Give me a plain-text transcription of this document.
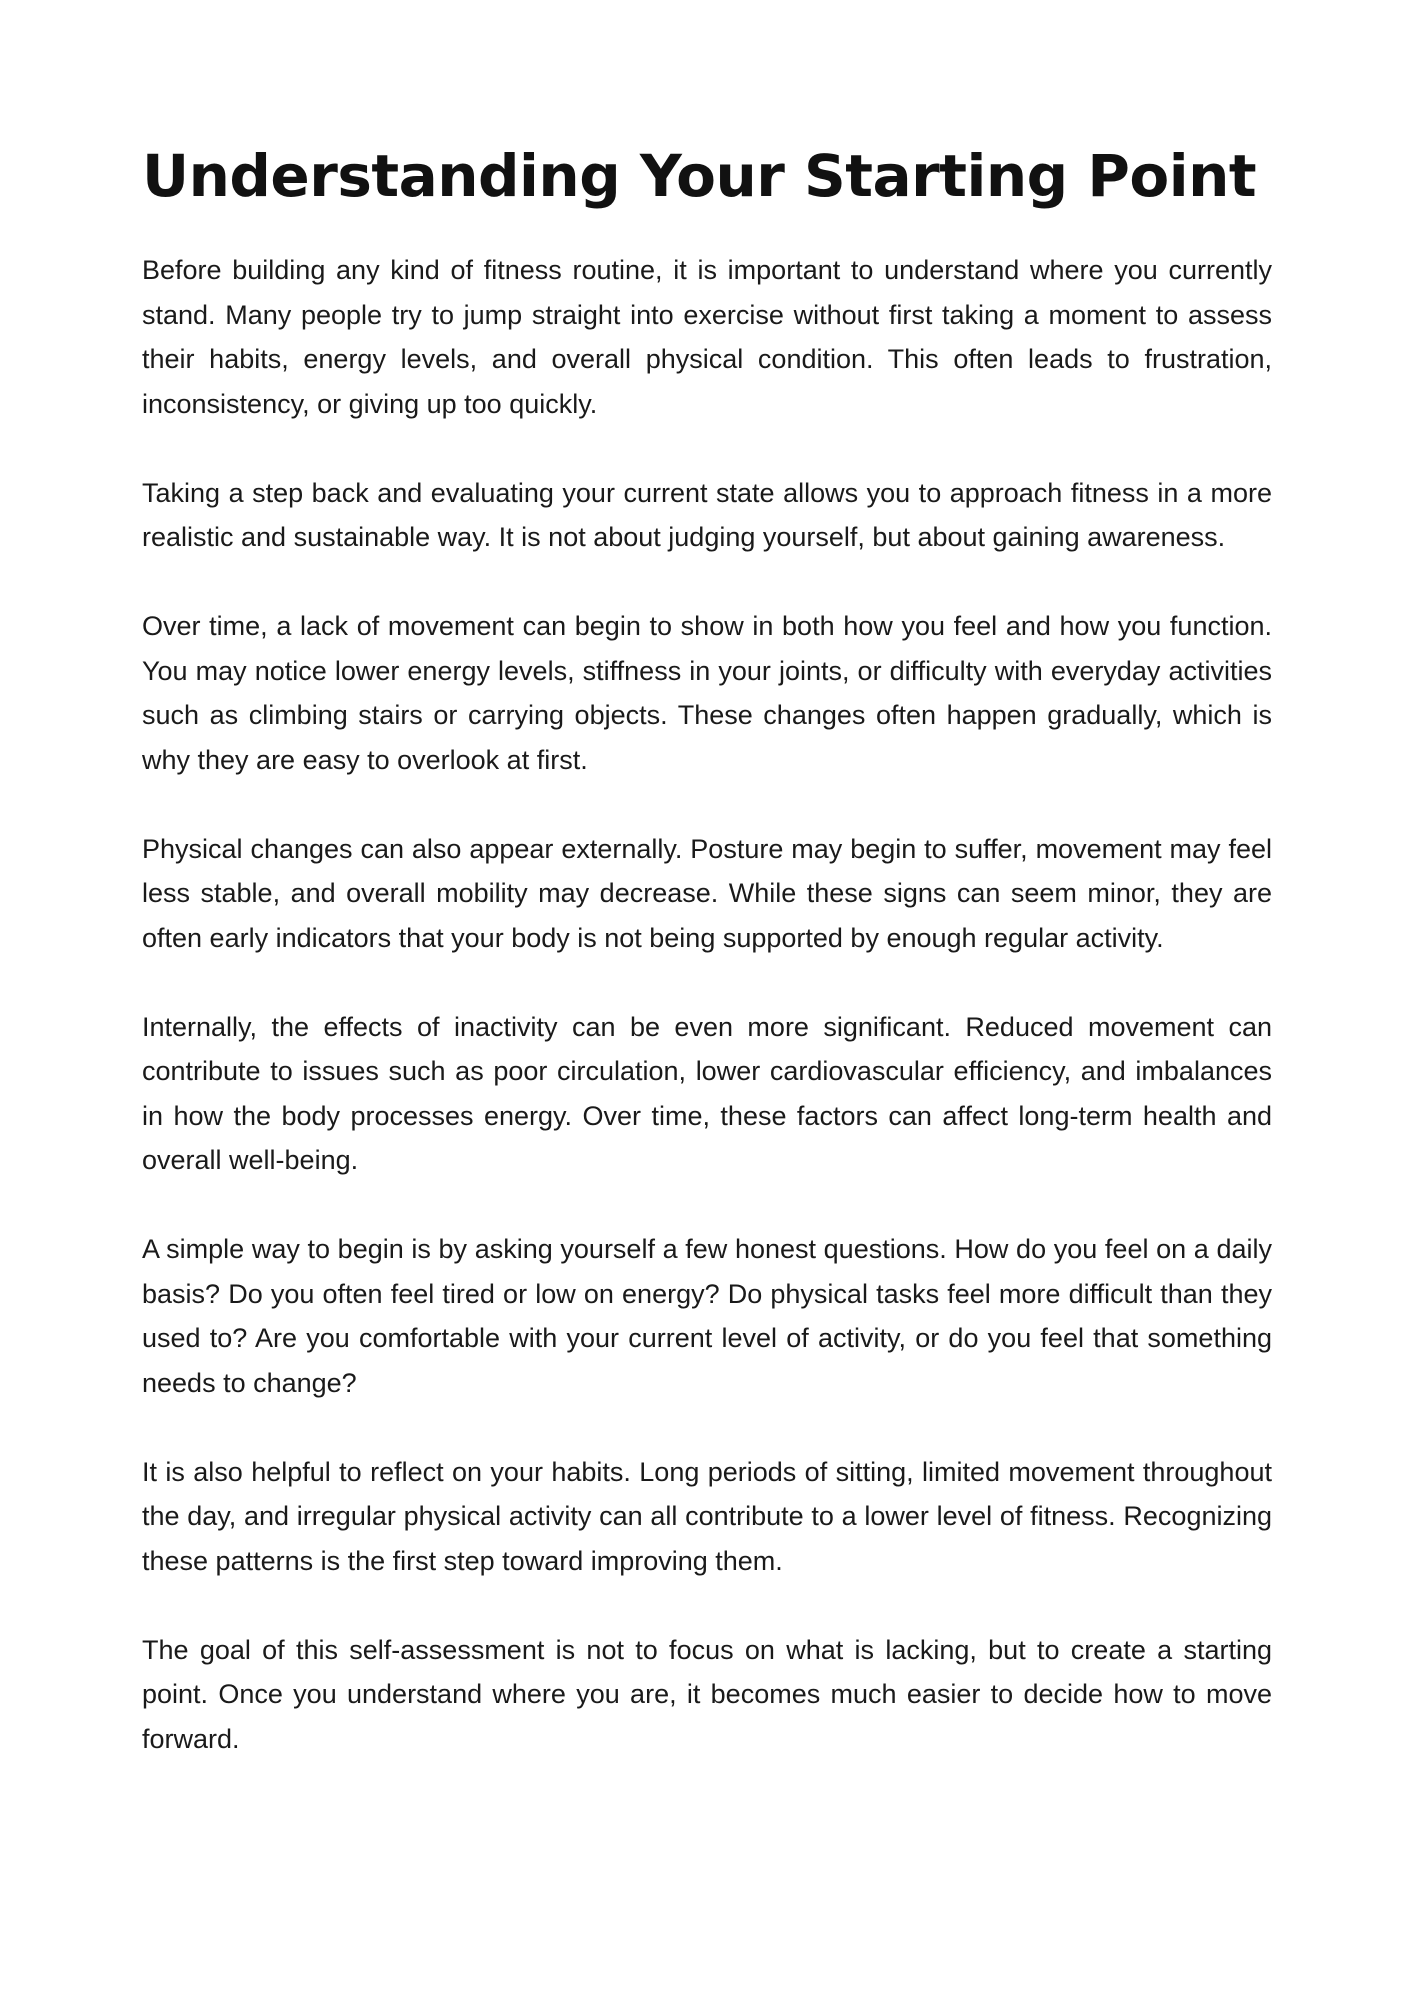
Understanding Your Starting Point

Before building any kind of fitness routine, it is important to understand where you currently stand. Many people try to jump straight into exercise without first taking a moment to assess their habits, energy levels, and overall physical condition. This often leads to frustration, inconsistency, or giving up too quickly.

Taking a step back and evaluating your current state allows you to approach fitness in a more realistic and sustainable way. It is not about judging yourself, but about gaining awareness.

Over time, a lack of movement can begin to show in both how you feel and how you function. You may notice lower energy levels, stiffness in your joints, or difficulty with everyday activities such as climbing stairs or carrying objects. These changes often happen gradually, which is why they are easy to overlook at first.

Physical changes can also appear externally. Posture may begin to suffer, movement may feel less stable, and overall mobility may decrease. While these signs can seem minor, they are often early indicators that your body is not being supported by enough regular activity.

Internally, the effects of inactivity can be even more significant. Reduced movement can contribute to issues such as poor circulation, lower cardiovascular efficiency, and imbalances in how the body processes energy. Over time, these factors can affect long-term health and overall well-being.

A simple way to begin is by asking yourself a few honest questions. How do you feel on a daily basis? Do you often feel tired or low on energy? Do physical tasks feel more difficult than they used to? Are you comfortable with your current level of activity, or do you feel that something needs to change?

It is also helpful to reflect on your habits. Long periods of sitting, limited movement throughout the day, and irregular physical activity can all contribute to a lower level of fitness. Recognizing these patterns is the first step toward improving them.

The goal of this self-assessment is not to focus on what is lacking, but to create a starting point. Once you understand where you are, it becomes much easier to decide how to move forward.
